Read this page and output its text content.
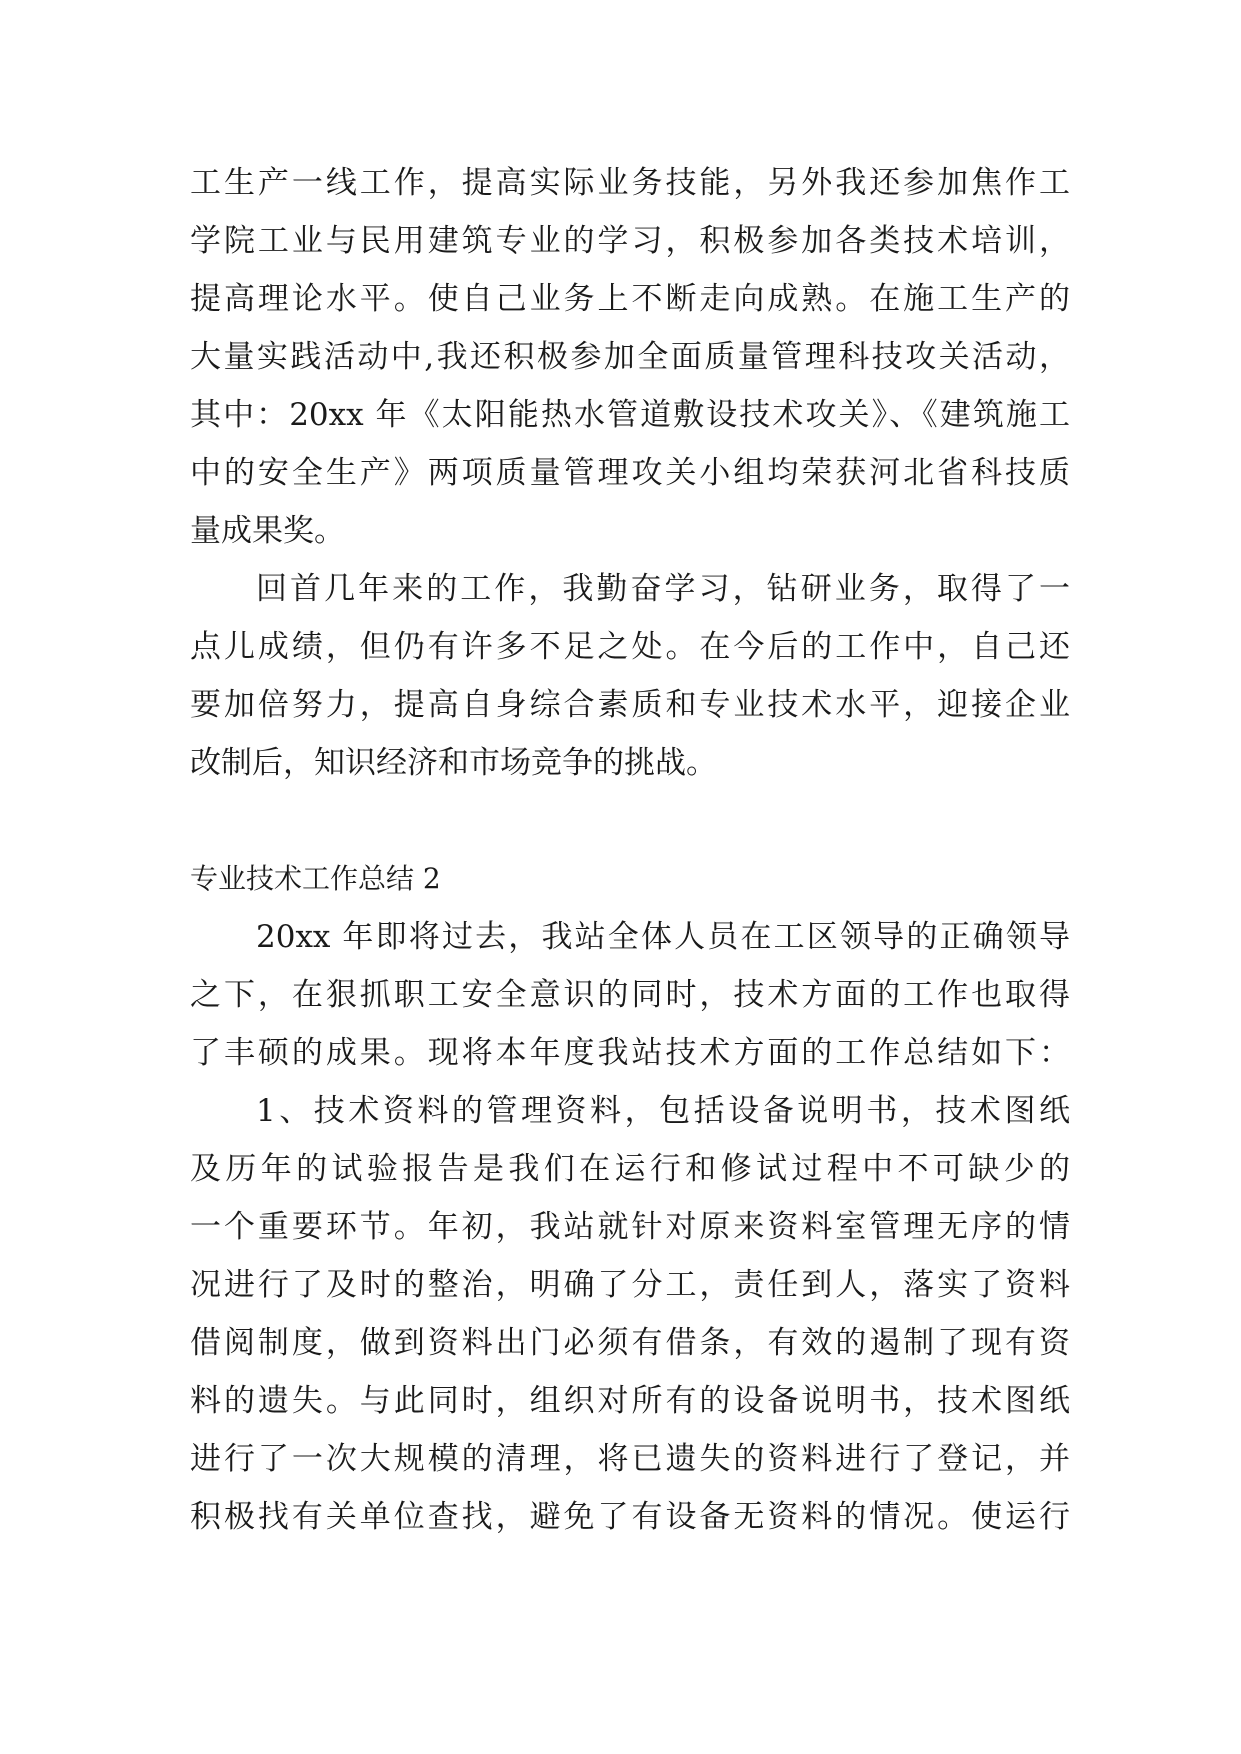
工生产一线工作，提高实际业务技能，另外我还参加焦作工
学院工业与民用建筑专业的学习，积极参加各类技术培训，
提高理论水平。使自己业务上不断走向成熟。在施工生产的
大量实践活动中,我还积极参加全面质量管理科技攻关活动，
其中：20xx 年《太阳能热水管道敷设技术攻关》、《建筑施工
中的安全生产》两项质量管理攻关小组均荣获河北省科技质
量成果奖。
回首几年来的工作，我勤奋学习，钻研业务，取得了一
点儿成绩，但仍有许多不足之处。在今后的工作中，自己还
要加倍努力，提高自身综合素质和专业技术水平，迎接企业
改制后，知识经济和市场竞争的挑战。
专业技术工作总结 2
20xx 年即将过去，我站全体人员在工区领导的正确领导
之下，在狠抓职工安全意识的同时，技术方面的工作也取得
了丰硕的成果。现将本年度我站技术方面的工作总结如下：
1、技术资料的管理资料，包括设备说明书，技术图纸
及历年的试验报告是我们在运行和修试过程中不可缺少的
一个重要环节。年初，我站就针对原来资料室管理无序的情
况进行了及时的整治，明确了分工，责任到人，落实了资料
借阅制度，做到资料出门必须有借条，有效的遏制了现有资
料的遗失。与此同时，组织对所有的设备说明书，技术图纸
进行了一次大规模的清理，将已遗失的资料进行了登记，并
积极找有关单位查找，避免了有设备无资料的情况。使运行
